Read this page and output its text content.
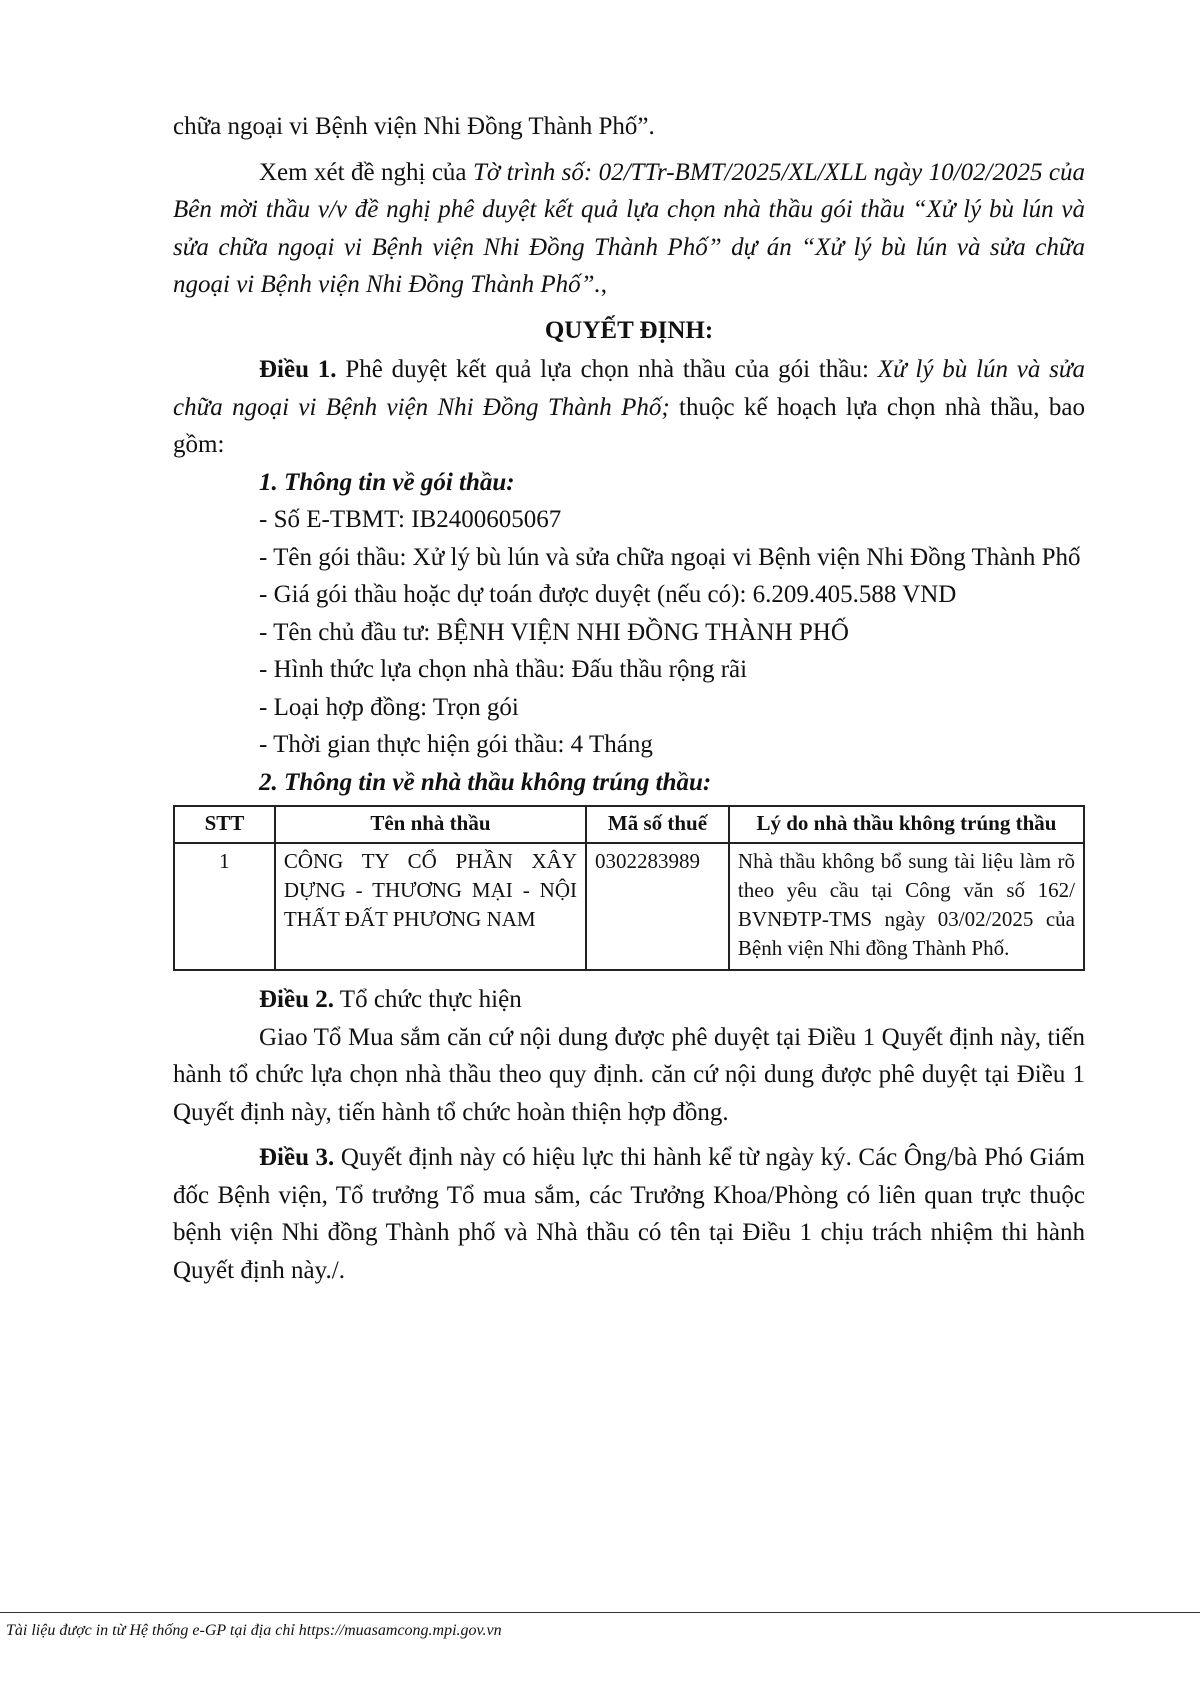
chữa ngoại vi Bệnh viện Nhi Đồng Thành Phố”.

Xem xét đề nghị của Tờ trình số: 02/TTr-BMT/2025/XL/XLL ngày 10/02/2025 của Bên mời thầu v/v đề nghị phê duyệt kết quả lựa chọn nhà thầu gói thầu “Xử lý bù lún và sửa chữa ngoại vi Bệnh viện Nhi Đồng Thành Phố” dự án “Xử lý bù lún và sửa chữa ngoại vi Bệnh viện Nhi Đồng Thành Phố”.,

QUYẾT ĐỊNH:

Điều 1. Phê duyệt kết quả lựa chọn nhà thầu của gói thầu: Xử lý bù lún và sửa chữa ngoại vi Bệnh viện Nhi Đồng Thành Phố; thuộc kế hoạch lựa chọn nhà thầu, bao gồm:

1. Thông tin về gói thầu:

- Số E-TBMT: IB2400605067

- Tên gói thầu: Xử lý bù lún và sửa chữa ngoại vi Bệnh viện Nhi Đồng Thành Phố

- Giá gói thầu hoặc dự toán được duyệt (nếu có): 6.209.405.588 VND

- Tên chủ đầu tư: BỆNH VIỆN NHI ĐỒNG THÀNH PHỐ

- Hình thức lựa chọn nhà thầu: Đấu thầu rộng rãi

- Loại hợp đồng: Trọn gói

- Thời gian thực hiện gói thầu: 4 Tháng

2. Thông tin về nhà thầu không trúng thầu:

STT	Tên nhà thầu	Mã số thuế	Lý do nhà thầu không trúng thầu
1	CÔNG TY CỔ PHẦN XÂY DỰNG - THƯƠNG MẠI - NỘI THẤT ĐẤT PHƯƠNG NAM	0302283989	Nhà thầu không bổ sung tài liệu làm rõ theo yêu cầu tại Công văn số 162/ BVNĐTP-TMS ngày 03/02/2025 của Bệnh viện Nhi đồng Thành Phố.

Điều 2. Tổ chức thực hiện

Giao Tổ Mua sắm căn cứ nội dung được phê duyệt tại Điều 1 Quyết định này, tiến hành tổ chức lựa chọn nhà thầu theo quy định. căn cứ nội dung được phê duyệt tại Điều 1 Quyết định này, tiến hành tổ chức hoàn thiện hợp đồng.

Điều 3. Quyết định này có hiệu lực thi hành kể từ ngày ký. Các Ông/bà Phó Giám đốc Bệnh viện, Tổ trưởng Tổ mua sắm, các Trưởng Khoa/Phòng có liên quan trực thuộc bệnh viện Nhi đồng Thành phố và Nhà thầu có tên tại Điều 1 chịu trách nhiệm thi hành Quyết định này./.

Tài liệu được in từ Hệ thống e-GP tại địa chỉ https://muasamcong.mpi.gov.vn
